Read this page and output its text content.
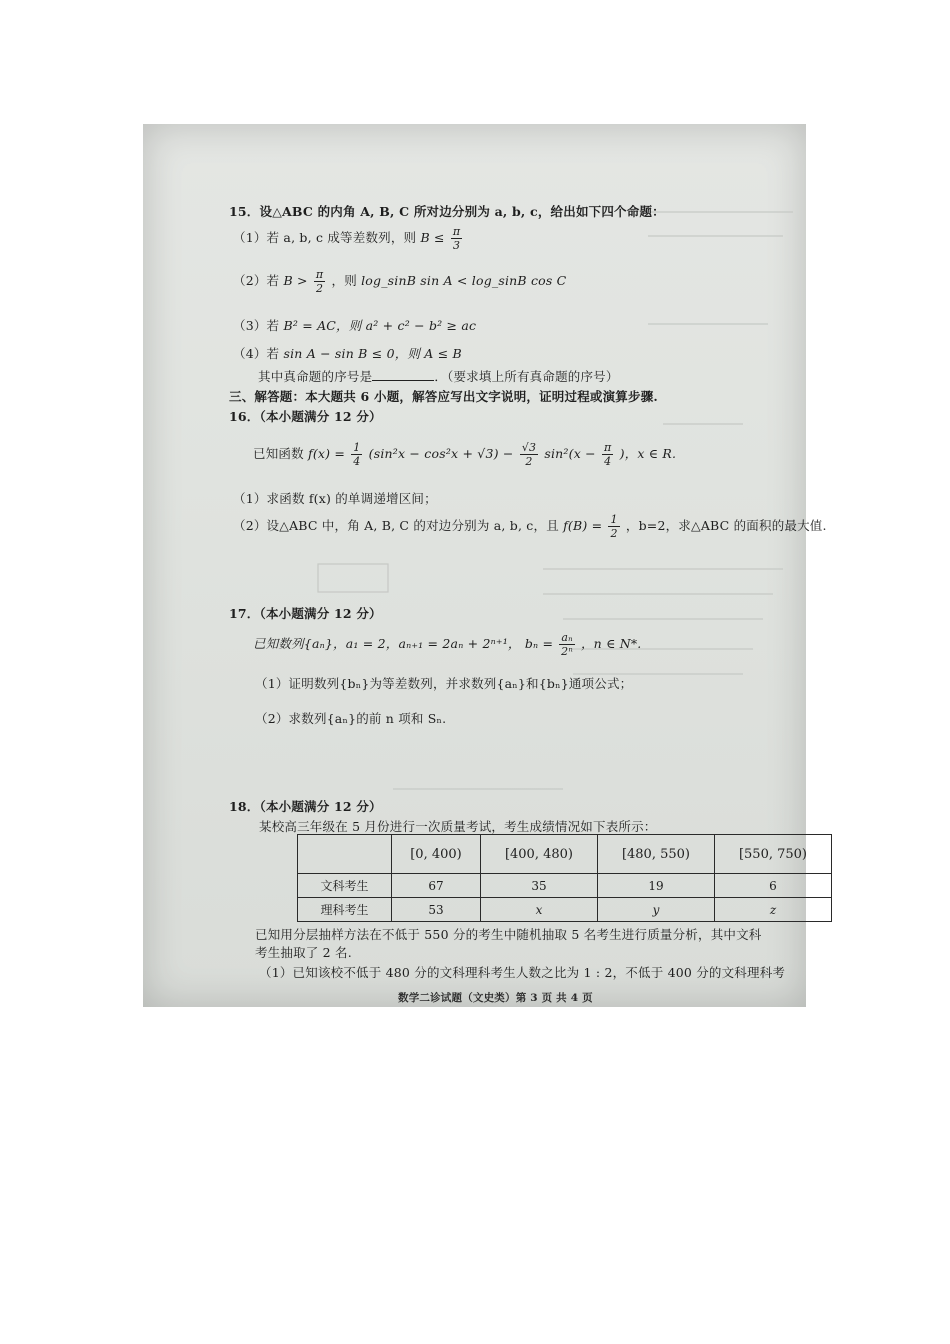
15．设△ABC 的内角 A, B, C 所对边分别为 a, b, c，给出如下四个命题：
（1）若 a, b, c 成等差数列，则 $B \le \frac{\pi}{3}$
（2）若 $B > \frac{\pi}{2}$ ，则 log_sinB sin A < log_sinB cos C
（3）若 B² = AC，则 a² + c² − b² ≥ ac
（4）若 sin A − sin B ≤ 0，则 A ≤ B
其中真命题的序号是	．（要求填上所有真命题的序号）
三、解答题：本大题共 6 小题，解答应写出文字说明，证明过程或演算步骤.
16．（本小题满分 12 分）
已知函数 $f(x) = \frac{1}{4} (\sin^2x - \cos^2x + √3) - \frac{√3}{2} \sin^2(x - \frac{\pi}{4}$ )，x ∈ R.
（1）求函数 f(x) 的单调递增区间；
（2）设△ABC 中，角 A, B, C 的对边分别为 a, b, c，且 $f(B) = \frac{1}{2}$ ，b=2，求△ABC 的面积的最大值.
17．（本小题满分 12 分）
已知数列{aₙ}，a₁ = 2，aₙ₊₁ = 2aₙ + 2ⁿ⁺¹， $b_n = \frac{\text{aₙ}}{\text{2ⁿ}}$ ，n ∈ N*.
（1）证明数列{bₙ}为等差数列，并求数列{aₙ}和{bₙ}通项公式；
（2）求数列{aₙ}的前 n 项和 Sₙ.
18．（本小题满分 12 分）
某校高三年级在 5 月份进行一次质量考试，考生成绩情况如下表所示：
	[0, 400)	[400, 480)	[480, 550)	[550, 750)
文科考生	67	35	19	6
理科考生	53	x	y	z
已知用分层抽样方法在不低于 550 分的考生中随机抽取 5 名考生进行质量分析，其中文科
考生抽取了 2 名.
（1）已知该校不低于 480 分的文科理科考生人数之比为 1 : 2，不低于 400 分的文科理科考
数学二诊试题（文史类）第 3 页 共 4 页
